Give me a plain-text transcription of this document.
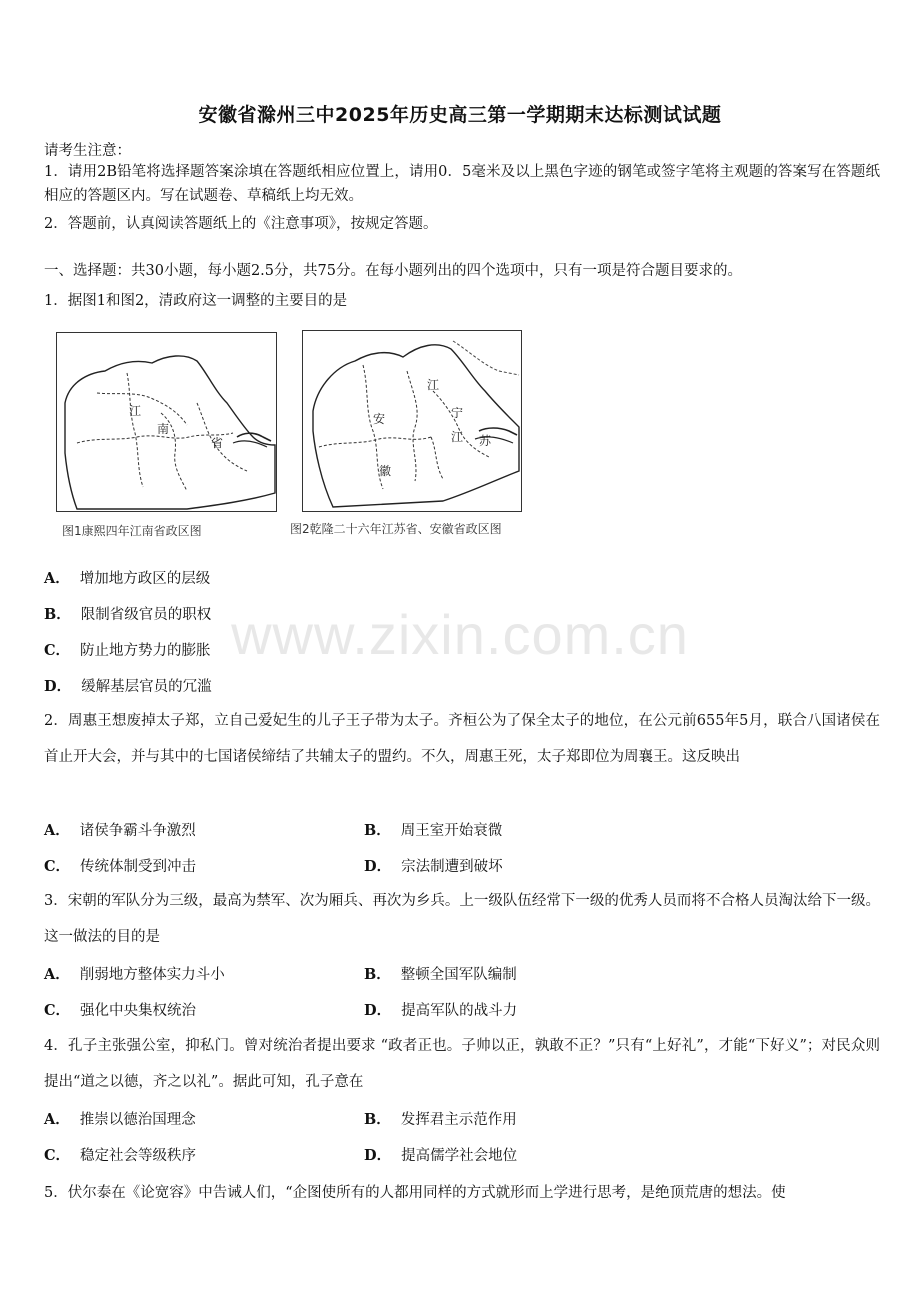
安徽省滁州三中2025年历史高三第一学期期末达标测试试题
请考生注意：
1．请用2B铅笔将选择题答案涂填在答题纸相应位置上，请用0．5毫米及以上黑色字迹的钢笔或签字笔将主观题的答案写在答题纸相应的答题区内。写在试题卷、草稿纸上均无效。
2．答题前，认真阅读答题纸上的《注意事项》，按规定答题。
一、选择题：共30小题，每小题2.5分，共75分。在每小题列出的四个选项中，只有一项是符合题目要求的。
1．据图1和图2，清政府这一调整的主要目的是
江
南
省
图1康熙四年江南省政区图
江
安	宁
江 苏
徽
图2乾隆二十六年江苏省、安徽省政区图
A． 增加地方政区的层级
B． 限制省级官员的职权
C． 防止地方势力的膨胀
D． 缓解基层官员的冗滥
www.zixin.com.cn
2．周惠王想废掉太子郑，立自己爱妃生的儿子王子带为太子。齐桓公为了保全太子的地位，在公元前655年5月，联合八国诸侯在首止开大会，并与其中的七国诸侯缔结了共辅太子的盟约。不久，周惠王死，太子郑即位为周襄王。这反映出
A． 诸侯争霸斗争激烈	B． 周王室开始衰微
C． 传统体制受到冲击	D． 宗法制遭到破坏
3．宋朝的军队分为三级，最高为禁军、次为厢兵、再次为乡兵。上一级队伍经常下一级的优秀人员而将不合格人员淘汰给下一级。这一做法的目的是
A． 削弱地方整体实力斗小	B． 整顿全国军队编制
C． 强化中央集权统治	D． 提高军队的战斗力
4．孔子主张强公室，抑私门。曾对统治者提出要求 “政者正也。子帅以正，孰敢不正？”只有“上好礼”，才能“下好义”；对民众则提出“道之以德，齐之以礼”。据此可知，孔子意在
A． 推崇以德治国理念	B． 发挥君主示范作用
C． 稳定社会等级秩序	D． 提高儒学社会地位
5．伏尔泰在《论宽容》中告诫人们，“企图使所有的人都用同样的方式就形而上学进行思考，是绝顶荒唐的想法。使
